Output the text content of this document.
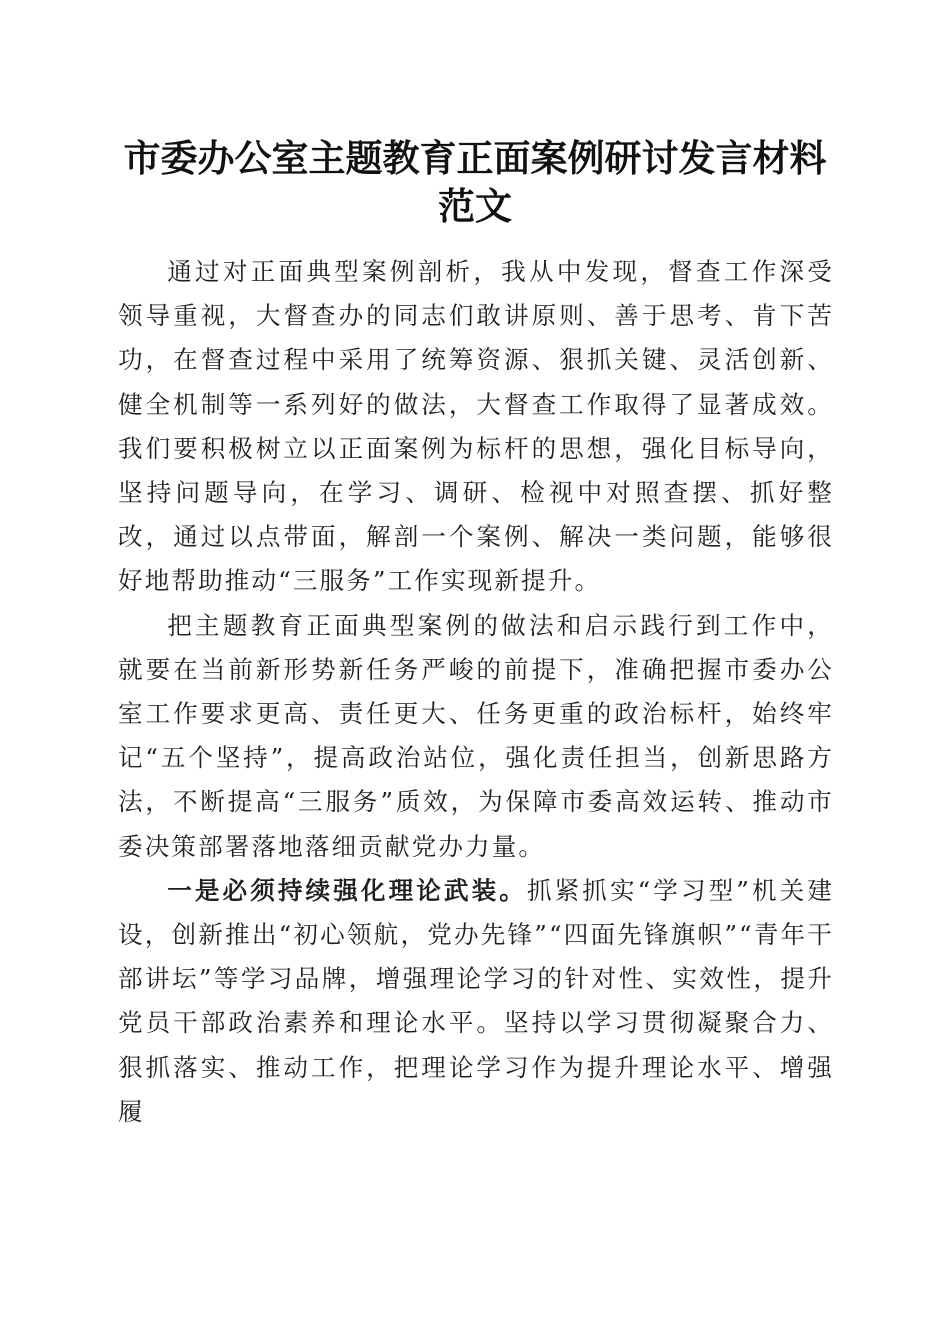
市委办公室主题教育正面案例研讨发言材料范文

通过对正面典型案例剖析，我从中发现，督查工作深受领导重视，大督查办的同志们敢讲原则、善于思考、肯下苦功，在督查过程中采用了统筹资源、狠抓关键、灵活创新、健全机制等一系列好的做法，大督查工作取得了显著成效。我们要积极树立以正面案例为标杆的思想，强化目标导向，坚持问题导向，在学习、调研、检视中对照查摆、抓好整改，通过以点带面，解剖一个案例、解决一类问题，能够很好地帮助推动“三服务”工作实现新提升。

把主题教育正面典型案例的做法和启示践行到工作中，就要在当前新形势新任务严峻的前提下，准确把握市委办公室工作要求更高、责任更大、任务更重的政治标杆，始终牢记“五个坚持”，提高政治站位，强化责任担当，创新思路方法，不断提高“三服务”质效，为保障市委高效运转、推动市委决策部署落地落细贡献党办力量。

一是必须持续强化理论武装。抓紧抓实“学习型”机关建设，创新推出“初心领航，党办先锋”“四面先锋旗帜”“青年干部讲坛”等学习品牌，增强理论学习的针对性、实效性，提升党员干部政治素养和理论水平。坚持以学习贯彻凝聚合力、狠抓落实、推动工作，把理论学习作为提升理论水平、增强履
